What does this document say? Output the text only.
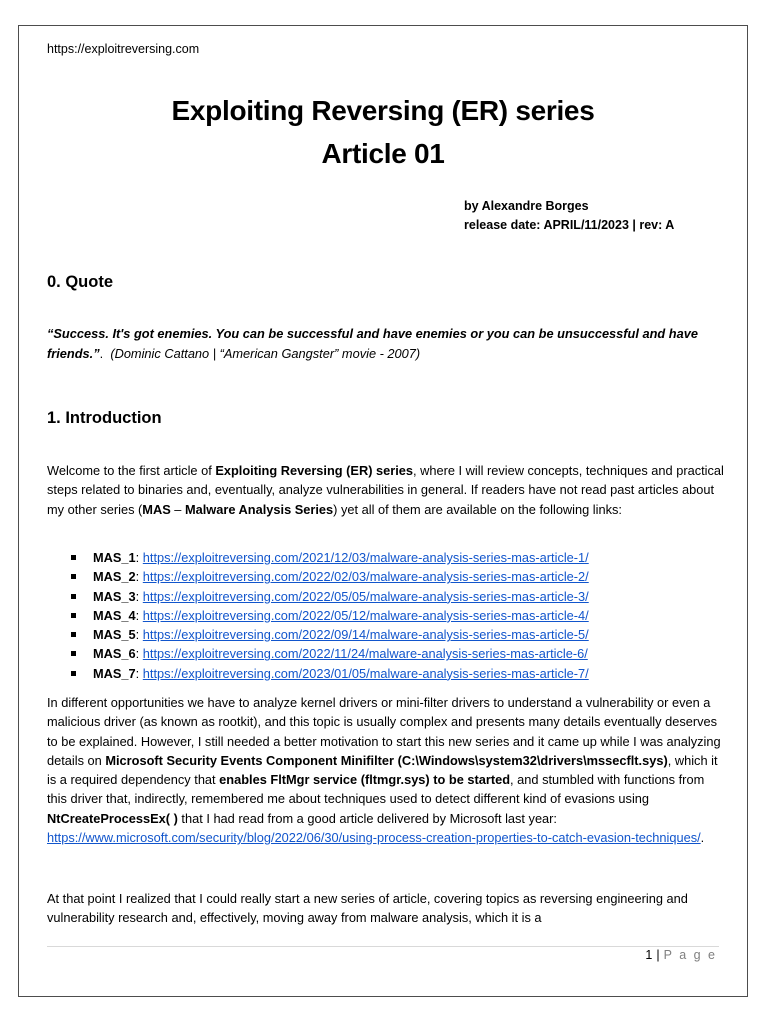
https://exploitreversing.com
Exploiting Reversing (ER) series
Article 01
by Alexandre Borges
release date: APRIL/11/2023 | rev: A
0. Quote
“Success. It's got enemies. You can be successful and have enemies or you can be unsuccessful and have friends.”. (Dominic Cattano | “American Gangster” movie - 2007)
1. Introduction
Welcome to the first article of Exploiting Reversing (ER) series, where I will review concepts, techniques and practical steps related to binaries and, eventually, analyze vulnerabilities in general. If readers have not read past articles about my other series (MAS – Malware Analysis Series) yet all of them are available on the following links:
MAS_1: https://exploitreversing.com/2021/12/03/malware-analysis-series-mas-article-1/
MAS_2: https://exploitreversing.com/2022/02/03/malware-analysis-series-mas-article-2/
MAS_3: https://exploitreversing.com/2022/05/05/malware-analysis-series-mas-article-3/
MAS_4: https://exploitreversing.com/2022/05/12/malware-analysis-series-mas-article-4/
MAS_5: https://exploitreversing.com/2022/09/14/malware-analysis-series-mas-article-5/
MAS_6: https://exploitreversing.com/2022/11/24/malware-analysis-series-mas-article-6/
MAS_7: https://exploitreversing.com/2023/01/05/malware-analysis-series-mas-article-7/
In different opportunities we have to analyze kernel drivers or mini-filter drivers to understand a vulnerability or even a malicious driver (as known as rootkit), and this topic is usually complex and presents many details eventually deserves to be explained. However, I still needed a better motivation to start this new series and it came up while I was analyzing details on Microsoft Security Events Component Minifilter (C:\Windows\system32\drivers\mssecflt.sys), which it is a required dependency that enables FltMgr service (fltmgr.sys) to be started, and stumbled with functions from this driver that, indirectly, remembered me about techniques used to detect different kind of evasions using NtCreateProcessEx( ) that I had read from a good article delivered by Microsoft last year: https://www.microsoft.com/security/blog/2022/06/30/using-process-creation-properties-to-catch-evasion-techniques/.
At that point I realized that I could really start a new series of article, covering topics as reversing engineering and vulnerability research and, effectively, moving away from malware analysis, which it is a
1 | P a g e
